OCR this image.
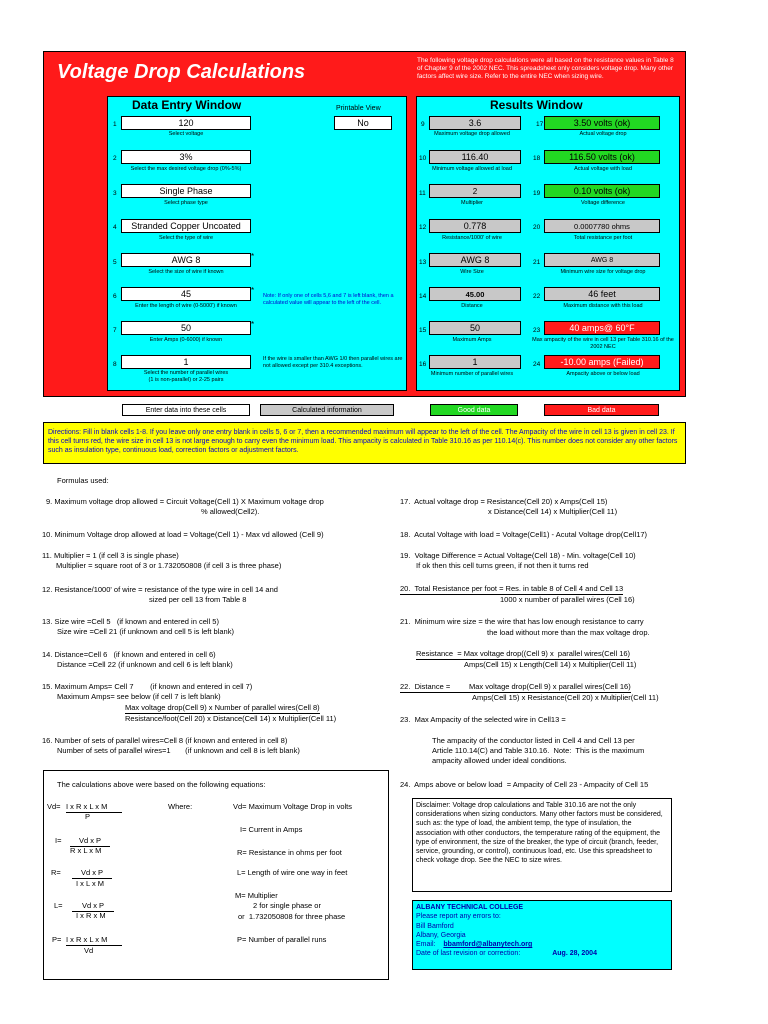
Voltage Drop Calculations
The following voltage drop calculations were all based on the resistance values in Table 8 of Chapter 9 of the 2002 NEC. This spreadsheet only considers voltage drop. Many other factors affect wire size. Refer to the entire NEC when sizing wire.
Data Entry Window	Printable View
No
1	120
Select voltage
2	3%
Select the max desired voltage drop (0%-5%)
3	Single Phase
Select phase type
4	Stranded Copper Uncoated
Select the type of wire
5	AWG 8	*
Select the size of wire if known
6	45	*
Enter the length of wire (0-5000') if known
7	50	*
Enter Amps (0-6000) if known
8	1
Select the number of parallel wires
(1 is non-parallel) or 2-25 pairs
Note: If only one of cells 5,6 and 7 is left blank, then a calculated value will appear to the left of the cell.
If the wire is smaller than AWG 1/0 then parallel wires are not allowed except per 310.4 exceptions.
Results Window
9	3.6
Maximum voltage drop allowed
10	116.40
Minimum voltage allowed at load
11	2
Multiplier
12	0.778
Resistance/1000' of wire
13	AWG 8
Wire Size
14	45.00
Distance
15	50
Maximum Amps
16	1
Minimum number of parallel wires
17	3.50 volts (ok)
Actual voltage drop
18	116.50 volts (ok)
Actual voltage with load
19	0.10 volts (ok)
Voltage difference
20	0.0007780 ohms
Total resistance per foot
21	AWG 8
Minimum wire size for voltage drop
22	46 feet
Maximum distance with this load
23	40 amps@ 60°F
Max ampacity of the wire in cell 13 per Table 310.16 of the 2002 NEC
24	-10.00 amps (Failed)
Ampacity above or below load
Enter data into these cells	Calculated information	Good data	Bad data
Directions: Fill in blank cells 1-8. If you leave only one entry blank in cells 5, 6 or 7, then a recommended maximum will appear to the left of the cell. The Ampacity of the wire in cell 13 is given in cell 23. If this cell turns red, the wire size in cell 13 is not large enough to carry even the minimum load. This ampacity is calculated in Table 310.16 as per 110.14(c). This number does not consider any other factors such as insulation type, continuous load, correction factors or adjustment factors.
Formulas used:
9. Maximum voltage drop allowed = Circuit Voltage(Cell 1) X Maximum voltage drop
% allowed(Cell2).
10. Minimum Voltage drop allowed at load = Voltage(Cell 1) - Max vd allowed (Cell 9)
11. Multiplier = 1 (if cell 3 is single phase)
Multiplier = square root of 3 or 1.732050808 (if cell 3 is three phase)
12. Resistance/1000' of wire = resistance of the type wire in cell 14 and
sized per cell 13 from Table 8
13. Size wire =Cell 5   (if known and entered in cell 5)
Size wire =Cell 21 (if unknown and cell 5 is left blank)
14. Distance=Cell 6   (if known and entered in cell 6)
Distance =Cell 22 (if unknown and cell 6 is left blank)
15. Maximum Amps= Cell 7        (if known and entered in cell 7)
Maximum Amps= see below (if cell 7 is left blank)
Max voltage drop(Cell 9) x Number of parallel wires(Cell 8)
Resistance/foot(Cell 20) x Distance(Cell 14) x Multiplier(Cell 11)
16. Number of sets of parallel wires=Cell 8 (if known and entered in cell 8)
Number of sets of parallel wires=1       (if unknown and cell 8 is left blank)
17.  Actual voltage drop = Resistance(Cell 20) x Amps(Cell 15)
x Distance(Cell 14) x Multiplier(Cell 11)
18.  Acutal Voltage with load = Voltage(Cell1) - Acutal Voltage drop(Cell17)
19.  Voltage Difference = Actual Voltage(Cell 18) - Min. voltage(Cell 10)
If ok then this cell turns green, if not then it turns red
20.  Total Resistance per foot = Res. in table 8 of Cell 4 and Cell 13
1000 x number of parallel wires (Cell 16)
21.  Minimum wire size = the wire that has low enough resistance to carry
the load without more than the max voltage drop.
Resistance  = Max voltage drop((Cell 9) x  parallel wires(Cell 16)
Amps(Cell 15) x Length(Cell 14) x Multiplier(Cell 11)
22.  Distance =         Max voltage drop(Cell 9) x parallel wires(Cell 16)
Amps(Cell 15) x Resistance(Cell 20) x Multiplier(Cell 11)
23.  Max Ampacity of the selected wire in Cell13 =
The ampacity of the conductor listed in Cell 4 and Cell 13 per
Article 110.14(C) and Table 310.16.  Note:  This is the maximum
ampacity allowed under ideal conditions.
24.  Amps above or below load  = Ampacity of Cell 23 - Ampacity of Cell 15
The calculations above were based on the following equations:
Vd= I x R x L x M
P
Where:
I=	Vd x P
R x L x M
R=	Vd x P
I x L x M
L=	Vd x P
I x R x M
P= I x R x L x M
Vd
Vd= Maximum Voltage Drop in volts
I= Current in Amps
R= Resistance in ohms per foot
L= Length of wire one way in feet
M= Multiplier
2 for single phase or
or  1.732050808 for three phase
P= Number of parallel runs
Disclaimer: Voltage drop calculations and Table 310.16 are not the only considerations when sizing conductors. Many other factors must be considered, such as: the type of load, the ambient temp, the type of insulation, the association with other conductors, the temperature rating of the equipment, the type of environment, the size of the breaker, the type of circuit (branch, feeder, service, grounding, or control), continuous load, etc. Use this spreadsheet to check voltage drop. See the NEC to size wires.
ALBANY TECHNICAL COLLEGE
Please report any errors to:
Bill Bamford
Albany, Georgia
Email: bbamford@albanytech.org
Date of last revision or correction:	Aug. 28, 2004
